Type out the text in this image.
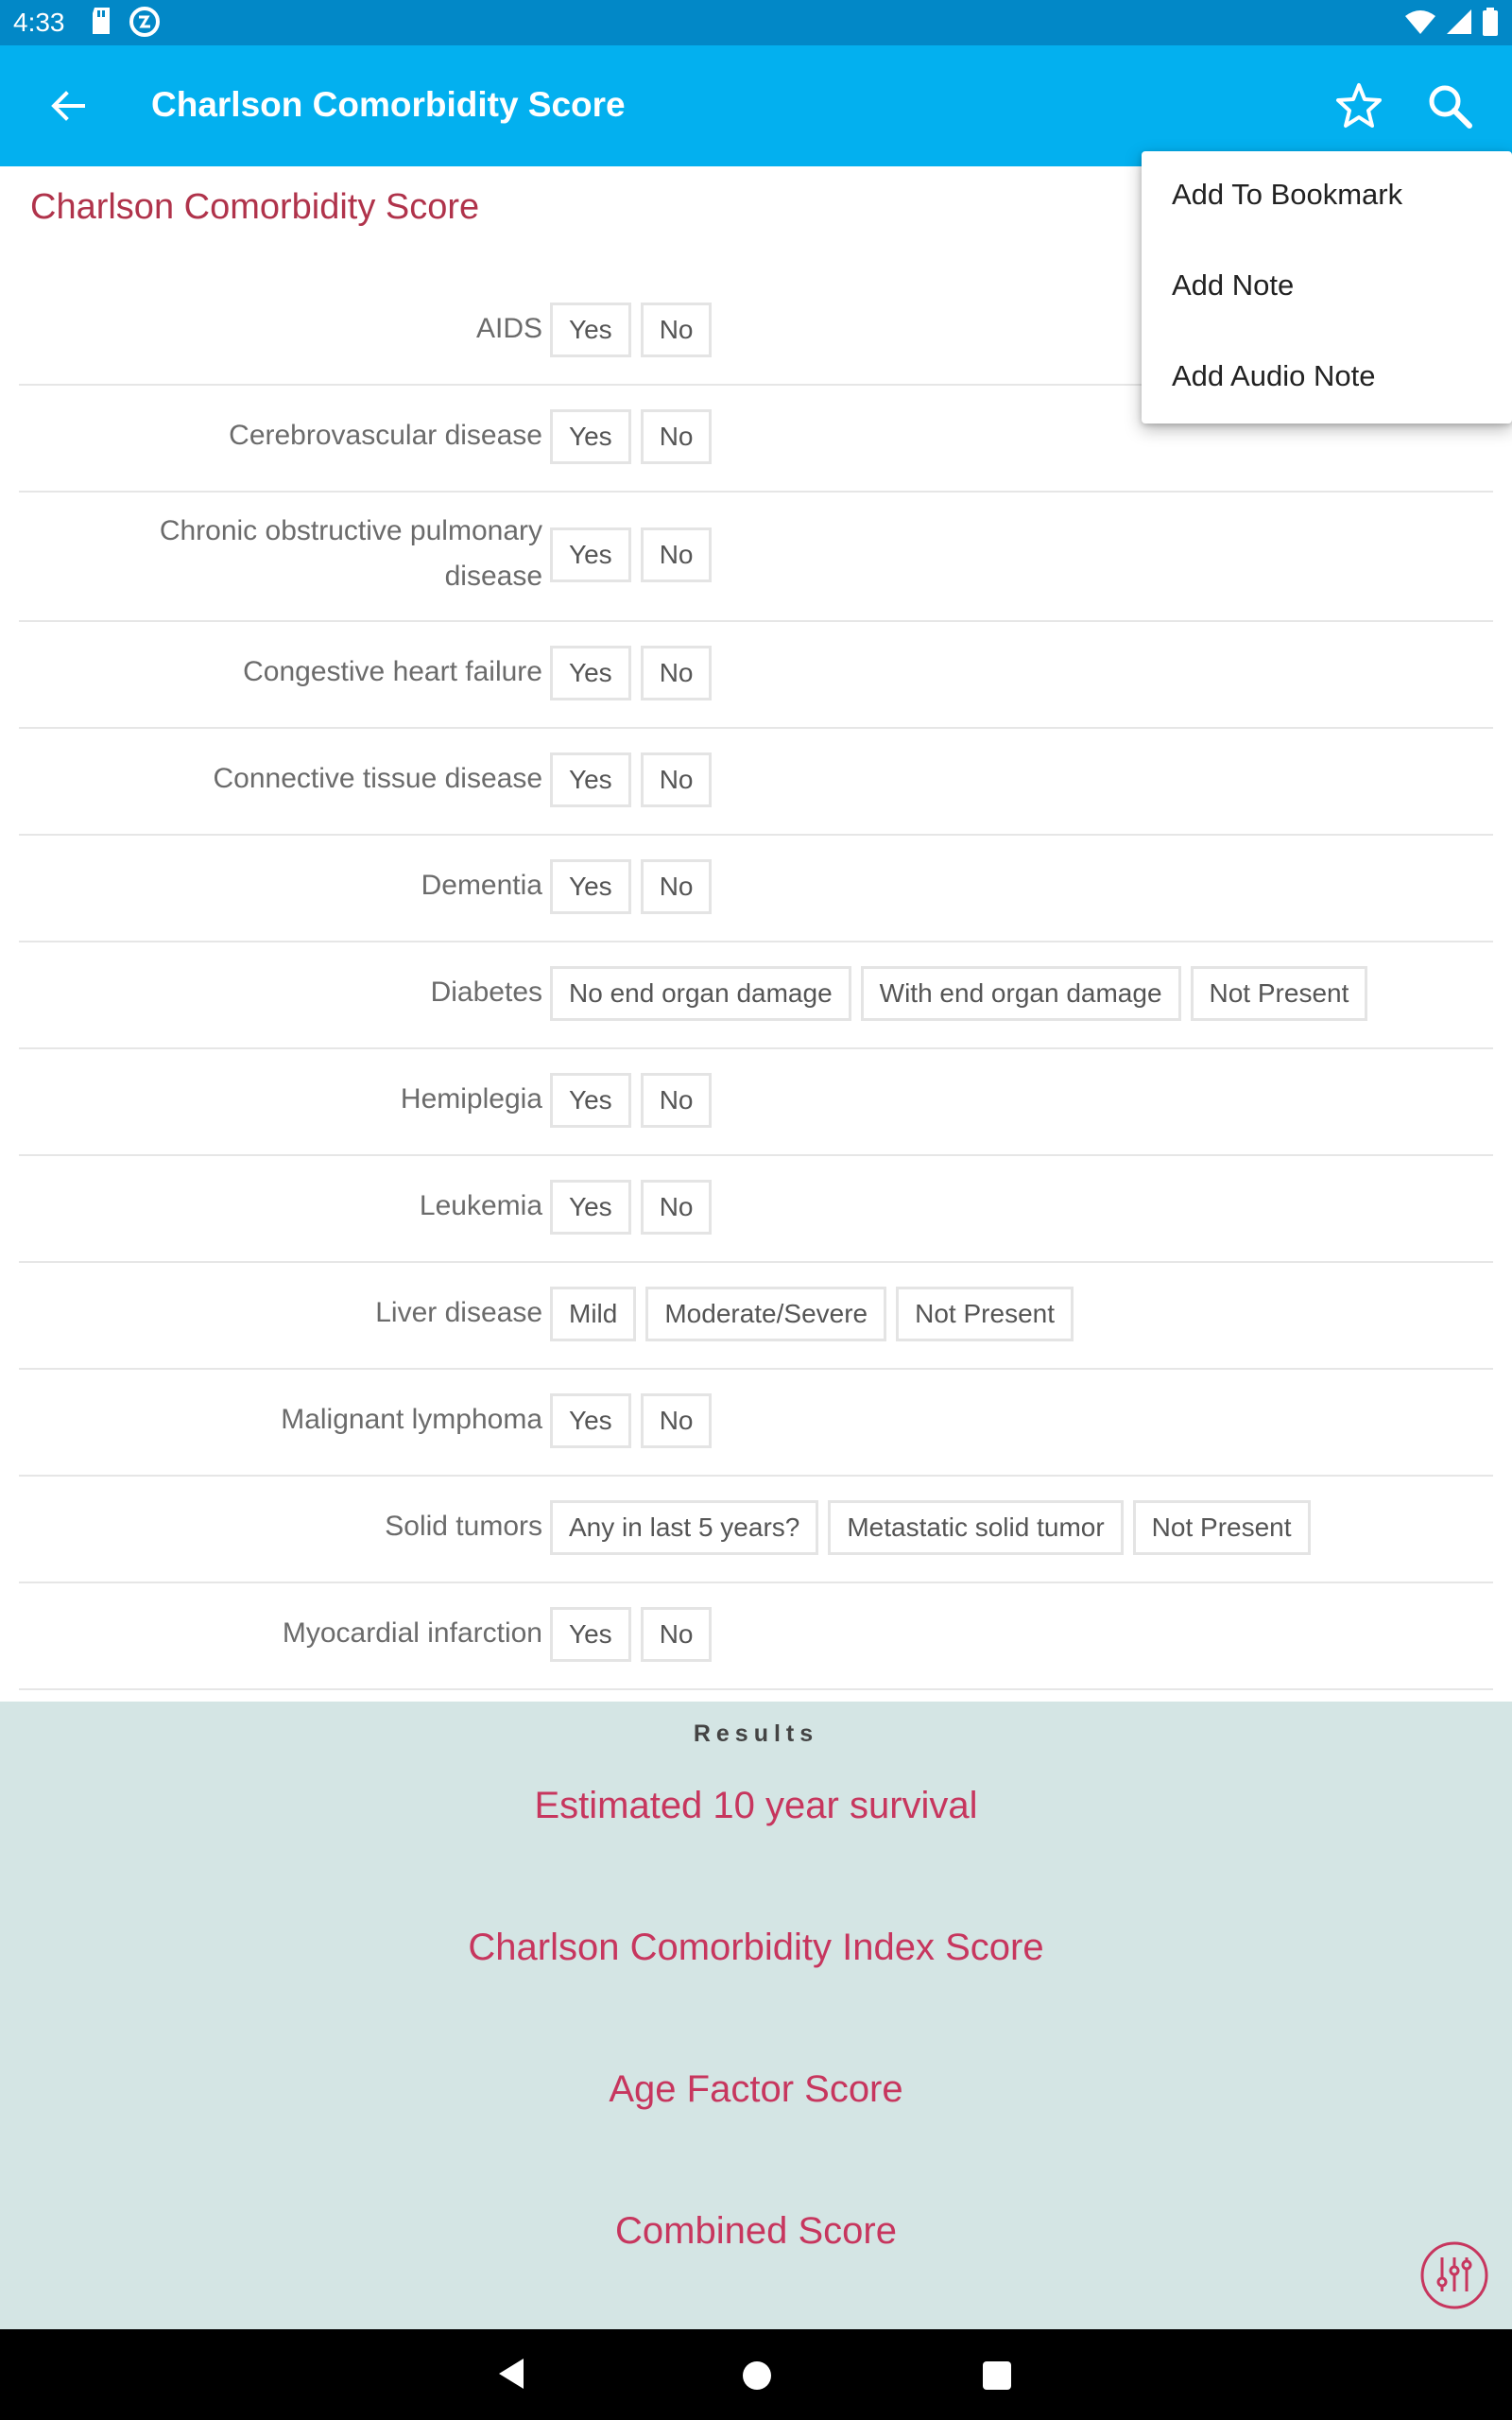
4:33
Charlson Comorbidity Score
Charlson Comorbidity Score
AIDS	Yes	No
Cerebrovascular disease	Yes	No
Chronic obstructive pulmonary
disease
Yes	No
Congestive heart failure	Yes	No
Connective tissue disease	Yes	No
Dementia	Yes	No
Diabetes	No end organ damage	With end organ damage	Not Present
Hemiplegia	Yes	No
Leukemia	Yes	No
Liver disease	Mild	Moderate/Severe	Not Present
Malignant lymphoma	Yes	No
Solid tumors	Any in last 5 years?	Metastatic solid tumor	Not Present
Myocardial infarction	Yes	No
Results
Estimated 10 year survival
Charlson Comorbidity Index Score
Age Factor Score
Combined Score
Add To Bookmark
Add Note
Add Audio Note
